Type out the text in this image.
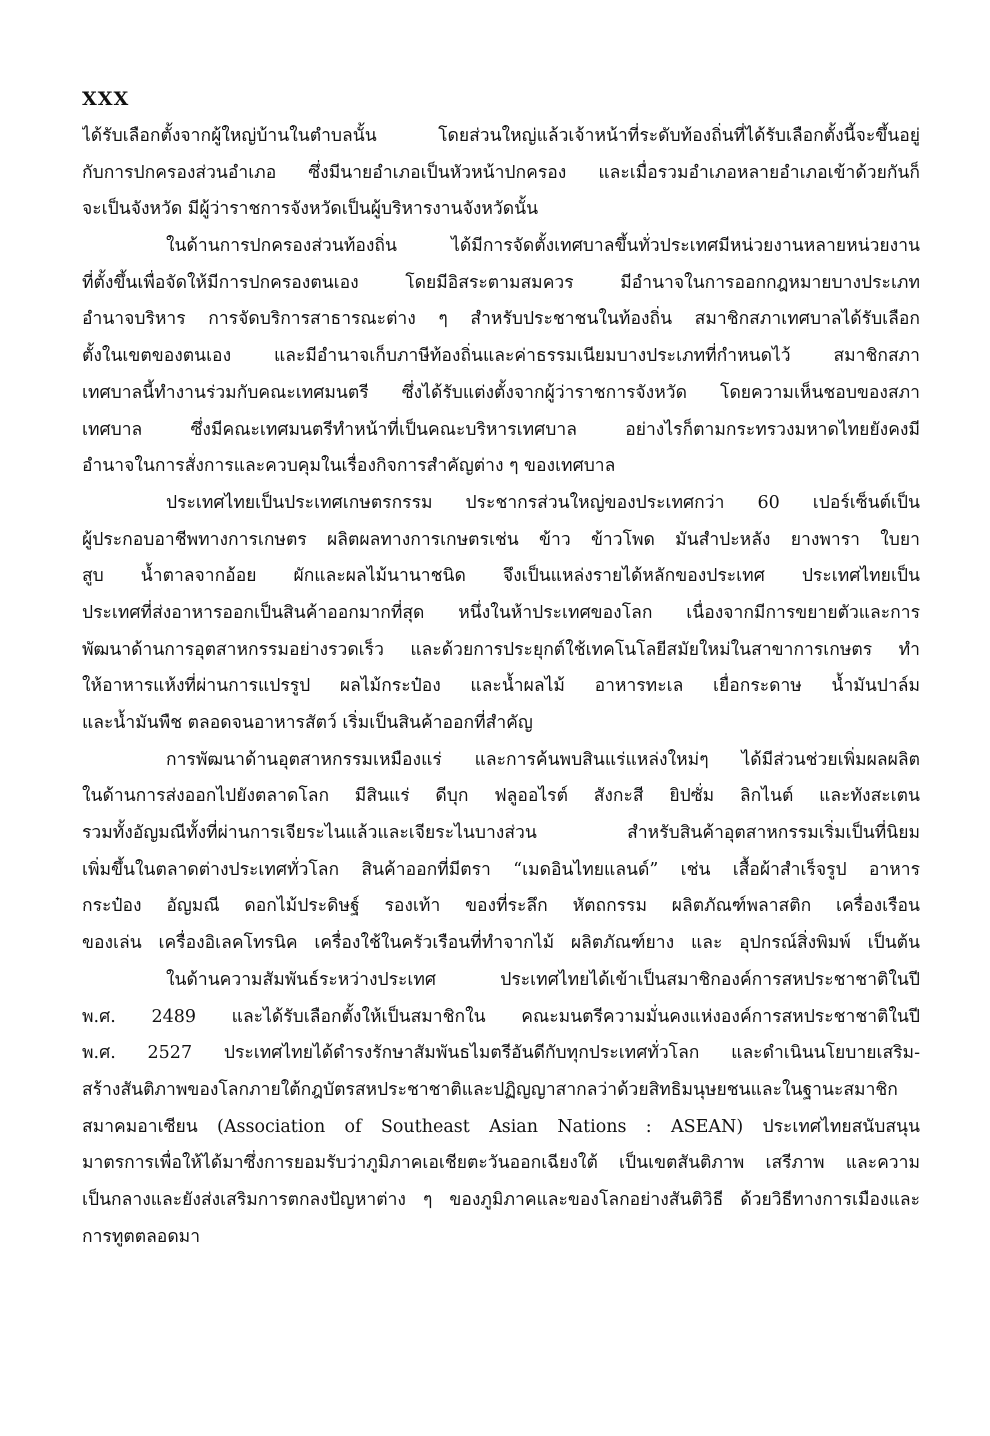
XXX
ได้รับเลือกตั้งจากผู้ใหญ่บ้านในตำบลนั้น โดยส่วนใหญ่แล้วเจ้าหน้าที่ระดับท้องถิ่นที่ได้รับเลือกตั้งนี้จะขึ้นอยู่
กับการปกครองส่วนอำเภอ ซึ่งมีนายอำเภอเป็นหัวหน้าปกครอง และเมื่อรวมอำเภอหลายอำเภอเข้าด้วยกันก็
จะเป็นจังหวัด มีผู้ว่าราชการจังหวัดเป็นผู้บริหารงานจังหวัดนั้น
ในด้านการปกครองส่วนท้องถิ่น ได้มีการจัดตั้งเทศบาลขึ้นทั่วประเทศมีหน่วยงานหลายหน่วยงาน
ที่ตั้งขึ้นเพื่อจัดให้มีการปกครองตนเอง โดยมีอิสระตามสมควร มีอำนาจในการออกกฎหมายบางประเภท
อำนาจบริหาร การจัดบริการสาธารณะต่าง ๆ สำหรับประชาชนในท้องถิ่น สมาชิกสภาเทศบาลได้รับเลือก
ตั้งในเขตของตนเอง และมีอำนาจเก็บภาษีท้องถิ่นและค่าธรรมเนียมบางประเภทที่กำหนดไว้ สมาชิกสภา
เทศบาลนี้ทำงานร่วมกับคณะเทศมนตรี ซึ่งได้รับแต่งตั้งจากผู้ว่าราชการจังหวัด โดยความเห็นชอบของสภา
เทศบาล ซึ่งมีคณะเทศมนตรีทำหน้าที่เป็นคณะบริหารเทศบาล อย่างไรก็ตามกระทรวงมหาดไทยยังคงมี
อำนาจในการสั่งการและควบคุมในเรื่องกิจการสำคัญต่าง ๆ ของเทศบาล
ประเทศไทยเป็นประเทศเกษตรกรรม ประชากรส่วนใหญ่ของประเทศกว่า 60 เปอร์เซ็นต์เป็น
ผู้ประกอบอาชีพทางการเกษตร ผลิตผลทางการเกษตรเช่น ข้าว ข้าวโพด มันสำปะหลัง ยางพารา ใบยา
สูบ น้ำตาลจากอ้อย ผักและผลไม้นานาชนิด จึงเป็นแหล่งรายได้หลักของประเทศ ประเทศไทยเป็น
ประเทศที่ส่งอาหารออกเป็นสินค้าออกมากที่สุด หนึ่งในห้าประเทศของโลก เนื่องจากมีการขยายตัวและการ
พัฒนาด้านการอุตสาหกรรมอย่างรวดเร็ว และด้วยการประยุกต์ใช้เทคโนโลยีสมัยใหม่ในสาขาการเกษตร ทำ
ให้อาหารแห้งที่ผ่านการแปรรูป ผลไม้กระป๋อง และน้ำผลไม้ อาหารทะเล เยื่อกระดาษ น้ำมันปาล์ม
และน้ำมันพืช ตลอดจนอาหารสัตว์ เริ่มเป็นสินค้าออกที่สำคัญ
การพัฒนาด้านอุตสาหกรรมเหมืองแร่ และการค้นพบสินแร่แหล่งใหม่ๆ ได้มีส่วนช่วยเพิ่มผลผลิต
ในด้านการส่งออกไปยังตลาดโลก มีสินแร่ ดีบุก ฟลูออไรต์ สังกะสี ยิปซั่ม ลิกไนต์ และทังสะเตน
รวมทั้งอัญมณีทั้งที่ผ่านการเจียระไนแล้วและเจียระไนบางส่วน สำหรับสินค้าอุตสาหกรรมเริ่มเป็นที่นิยม
เพิ่มขึ้นในตลาดต่างประเทศทั่วโลก สินค้าออกที่มีตรา “เมดอินไทยแลนด์” เช่น เสื้อผ้าสำเร็จรูป อาหาร
กระป๋อง อัญมณี ดอกไม้ประดิษฐ์ รองเท้า ของที่ระลึก หัตถกรรม ผลิตภัณฑ์พลาสติก เครื่องเรือน
ของเล่น เครื่องอิเลคโทรนิค เครื่องใช้ในครัวเรือนที่ทำจากไม้ ผลิตภัณฑ์ยาง และ อุปกรณ์สิ่งพิมพ์ เป็นต้น
ในด้านความสัมพันธ์ระหว่างประเทศ ประเทศไทยได้เข้าเป็นสมาชิกองค์การสหประชาชาติในปี
พ.ศ. 2489 และได้รับเลือกตั้งให้เป็นสมาชิกใน คณะมนตรีความมั่นคงแห่งองค์การสหประชาชาติในปี
พ.ศ. 2527 ประเทศไทยได้ดำรงรักษาสัมพันธไมตรีอันดีกับทุกประเทศทั่วโลก และดำเนินนโยบายเสริม-
สร้างสันติภาพของโลกภายใต้กฎบัตรสหประชาชาติและปฏิญญาสากลว่าด้วยสิทธิมนุษยชนและในฐานะสมาชิก
สมาคมอาเซียน (Association of Southeast Asian Nations : ASEAN) ประเทศไทยสนับสนุน
มาตรการเพื่อให้ได้มาซึ่งการยอมรับว่าภูมิภาคเอเชียตะวันออกเฉียงใต้ เป็นเขตสันติภาพ เสรีภาพ และความ
เป็นกลางและยังส่งเสริมการตกลงปัญหาต่าง ๆ ของภูมิภาคและของโลกอย่างสันติวิธี ด้วยวิธีทางการเมืองและ
การทูตตลอดมา
